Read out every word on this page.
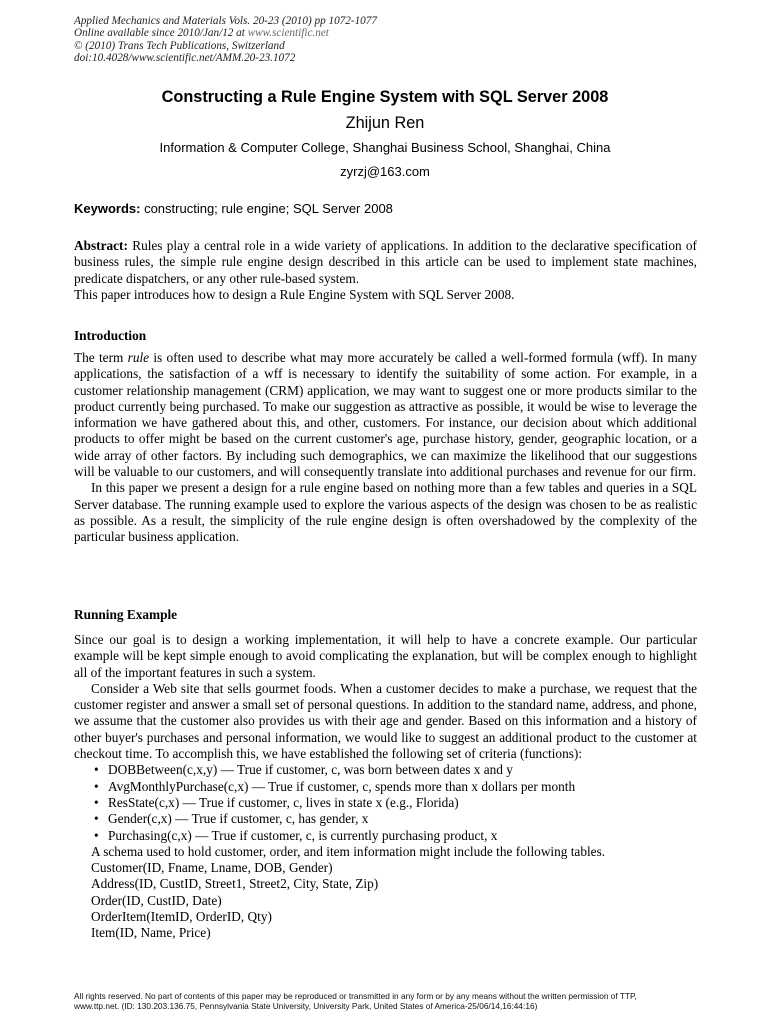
Applied Mechanics and Materials Vols. 20-23 (2010) pp 1072-1077
Online available since 2010/Jan/12 at www.scientific.net
© (2010) Trans Tech Publications, Switzerland
doi:10.4028/www.scientific.net/AMM.20-23.1072
Constructing a Rule Engine System with SQL Server 2008
Zhijun Ren
Information & Computer College, Shanghai Business School, Shanghai, China
zyrzj@163.com
Keywords: constructing; rule engine; SQL Server 2008

Abstract: Rules play a central role in a wide variety of applications. In addition to the declarative specification of business rules, the simple rule engine design described in this article can be used to implement state machines, predicate dispatchers, or any other rule-based system.

This paper introduces how to design a Rule Engine System with SQL Server 2008.

Introduction

The term rule is often used to describe what may more accurately be called a well-formed formula (wff). In many applications, the satisfaction of a wff is necessary to identify the suitability of some action. For example, in a customer relationship management (CRM) application, we may want to suggest one or more products similar to the product currently being purchased. To make our suggestion as attractive as possible, it would be wise to leverage the information we have gathered about this, and other, customers. For instance, our decision about which additional products to offer might be based on the current customer's age, purchase history, gender, geographic location, or a wide array of other factors. By including such demographics, we can maximize the likelihood that our suggestions will be valuable to our customers, and will consequently translate into additional purchases and revenue for our firm.

In this paper we present a design for a rule engine based on nothing more than a few tables and queries in a SQL Server database. The running example used to explore the various aspects of the design was chosen to be as realistic as possible. As a result, the simplicity of the rule engine design is often overshadowed by the complexity of the particular business application.

Running Example

Since our goal is to design a working implementation, it will help to have a concrete example. Our particular example will be kept simple enough to avoid complicating the explanation, but will be complex enough to highlight all of the important features in such a system.

Consider a Web site that sells gourmet foods. When a customer decides to make a purchase, we request that the customer register and answer a small set of personal questions. In addition to the standard name, address, and phone, we assume that the customer also provides us with their age and gender. Based on this information and a history of other buyer's purchases and personal information, we would like to suggest an additional product to the customer at checkout time. To accomplish this, we have established the following set of criteria (functions):

• DOBBetween(c,x,y) — True if customer, c, was born between dates x and y
• AvgMonthlyPurchase(c,x) — True if customer, c, spends more than x dollars per month
• ResState(c,x) — True if customer, c, lives in state x (e.g., Florida)
• Gender(c,x) — True if customer, c, has gender, x
• Purchasing(c,x) — True if customer, c, is currently purchasing product, x

A schema used to hold customer, order, and item information might include the following tables.

Customer(ID, Fname, Lname, DOB, Gender)
Address(ID, CustID, Street1, Street2, City, State, Zip)
Order(ID, CustID, Date)
OrderItem(ItemID, OrderID, Qty)
Item(ID, Name, Price)
All rights reserved. No part of contents of this paper may be reproduced or transmitted in any form or by any means without the written permission of TTP,
www.ttp.net. (ID: 130.203.136.75, Pennsylvania State University, University Park, United States of America-25/06/14,16:44:16)
